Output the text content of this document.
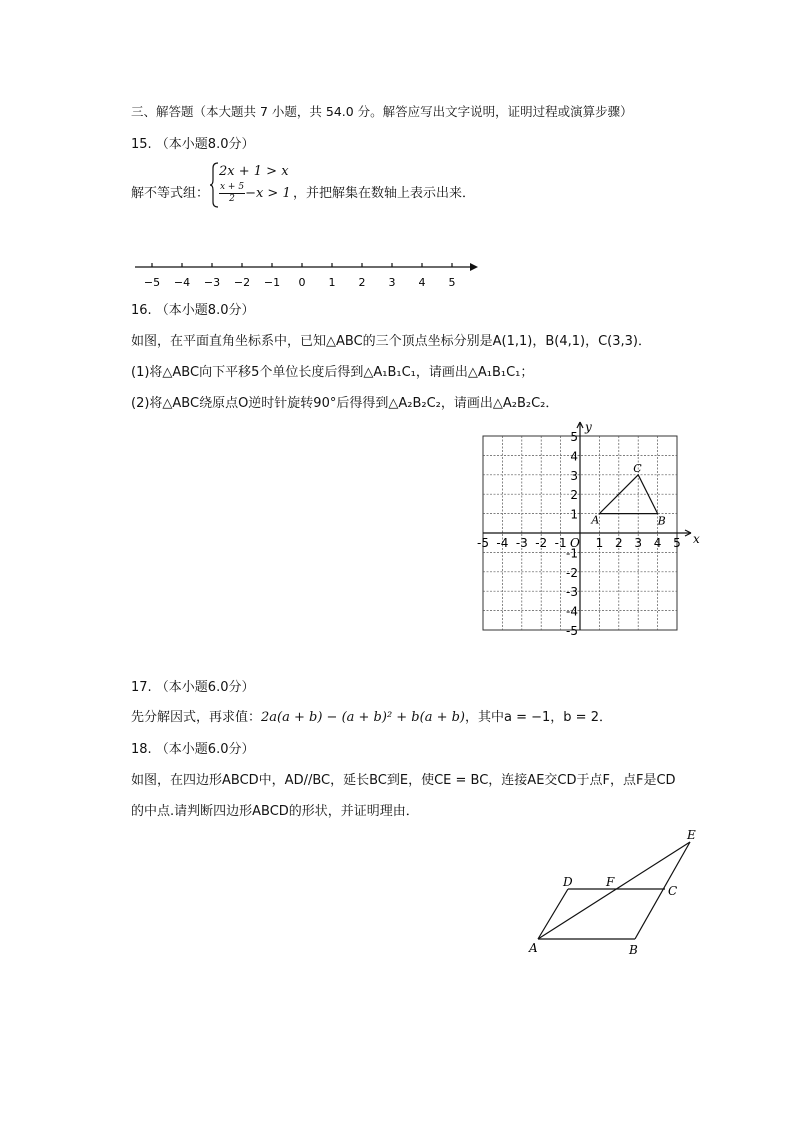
三、解答题（本大题共 7 小题，共 54.0 分。解答应写出文字说明，证明过程或演算步骤）
15. （本小题8.0分）
解不等式组：
2x + 1 > x
$\frac{x + 5}{2} -x > 1$ ，并把解集在数轴上表示出来．
−5 −4 −3 −2 −1 0 1 2 3 4 5
16. （本小题8.0分）
如图，在平面直角坐标系中，已知△ABC的三个顶点坐标分别是A(1,1)，B(4,1)，C(3,3)．
(1)将△ABC向下平移5个单位长度后得到△A₁B₁C₁，请画出△A₁B₁C₁；
(2)将△ABC绕原点O逆时针旋转90°后得得到△A₂B₂C₂，请画出△A₂B₂C₂．
x
y
O
-5 -4 -3 -2 -1 1 2 3 4 5
5
4
3
2
1
-1
-2
-3
-4
-5
A	B
C
17. （本小题6.0分）
先分解因式，再求值：2a(a + b) − (a + b)² + b(a + b)，其中a = −1，b = 2．
18. （本小题6.0分）
如图，在四边形ABCD中，AD//BC，延长BC到E，使CE = BC，连接AE交CD于点F，点F是CD
的中点.请判断四边形ABCD的形状，并证明理由．
A	B
C
D
E
F
